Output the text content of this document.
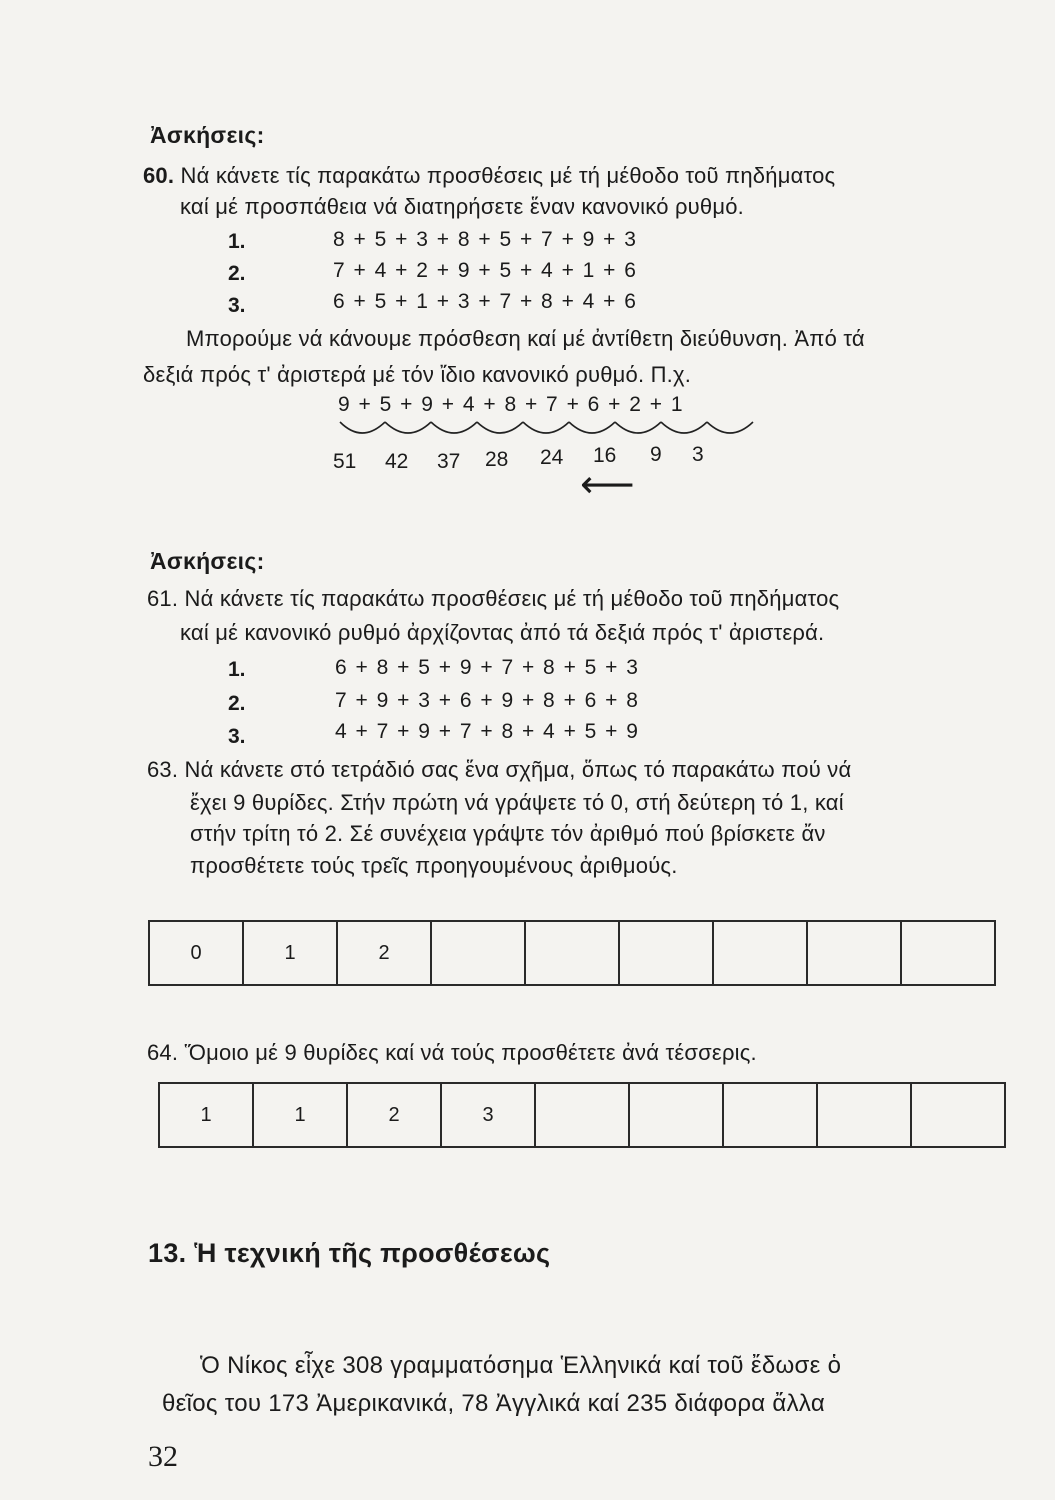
Ἀσκήσεις:
60. Νά κάνετε τίς παρακάτω προσθέσεις μέ τή μέθοδο τοῦ πηδήματος
καί μέ προσπάθεια νά διατηρήσετε ἕναν κανονικό ρυθμό.
1.	8 + 5 + 3 + 8 + 5 + 7 + 9 + 3
2.	7 + 4 + 2 + 9 + 5 + 4 + 1 + 6
3.	6 + 5 + 1 + 3 + 7 + 8 + 4 + 6
Μπορούμε νά κάνουμε πρόσθεση καί μέ ἀντίθετη διεύθυνση. Ἀπό τά
δεξιά πρός τ' ἀριστερά μέ τόν ἴδιο κανονικό ρυθμό. Π.χ.
9 + 5 + 9 + 4 + 8 + 7 + 6 + 2 + 1
51 42 37 28 24 16 9 3
⟵
Ἀσκήσεις:
61. Νά κάνετε τίς παρακάτω προσθέσεις μέ τή μέθοδο τοῦ πηδήματος
καί μέ κανονικό ρυθμό ἀρχίζοντας ἀπό τά δεξιά πρός τ' ἀριστερά.
1.	6 + 8 + 5 + 9 + 7 + 8 + 5 + 3
2.	7 + 9 + 3 + 6 + 9 + 8 + 6 + 8
3.	4 + 7 + 9 + 7 + 8 + 4 + 5 + 9
63. Νά κάνετε στό τετράδιό σας ἕνα σχῆμα, ὅπως τό παρακάτω πού νά
ἔχει 9 θυρίδες. Στήν πρώτη νά γράψετε τό 0, στή δεύτερη τό 1, καί
στήν τρίτη τό 2. Σέ συνέχεια γράψτε τόν ἀριθμό πού βρίσκετε ἄν
προσθέτετε τούς τρεῖς προηγουμένους ἀριθμούς.
0	1	2						
64. Ὅμοιο μέ 9 θυρίδες καί νά τούς προσθέτετε ἀνά τέσσερις.
1	1	2	3					
13. Ἡ τεχνική τῆς προσθέσεως
Ὁ Νίκος εἶχε 308 γραμματόσημα Ἑλληνικά καί τοῦ ἔδωσε ὁ
θεῖος του 173 Ἀμερικανικά, 78 Ἀγγλικά καί 235 διάφορα ἄλλα
32
